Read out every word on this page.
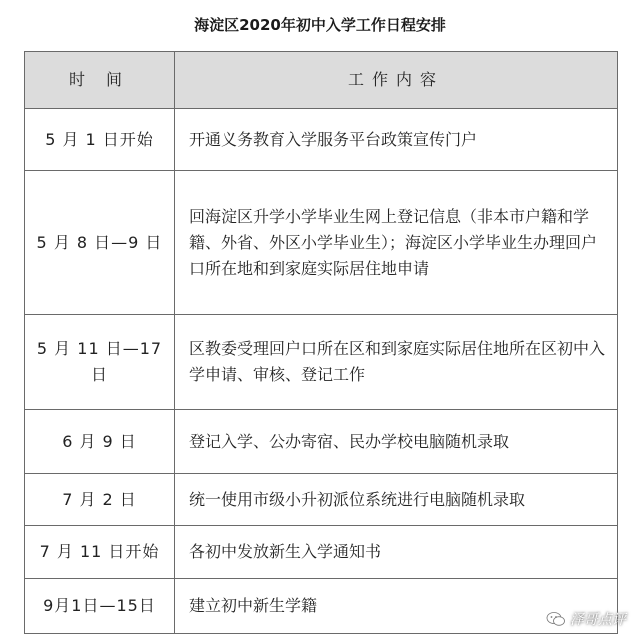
海淀区2020年初中入学工作日程安排
时 间	工作内容
5 月 1 日开始	开通义务教育入学服务平台政策宣传门户
5 月 8 日—9 日	回海淀区升学小学毕业生网上登记信息（非本市户籍和学籍、外省、外区小学毕业生）；海淀区小学毕业生办理回户口所在地和到家庭实际居住地申请
5 月 11 日—17 日	区教委受理回户口所在区和到家庭实际居住地所在区初中入学申请、审核、登记工作
6 月 9 日	登记入学、公办寄宿、民办学校电脑随机录取
7 月 2 日	统一使用市级小升初派位系统进行电脑随机录取
7 月 11 日开始	各初中发放新生入学通知书
9月1日—15日	建立初中新生学籍
泽哥点评
